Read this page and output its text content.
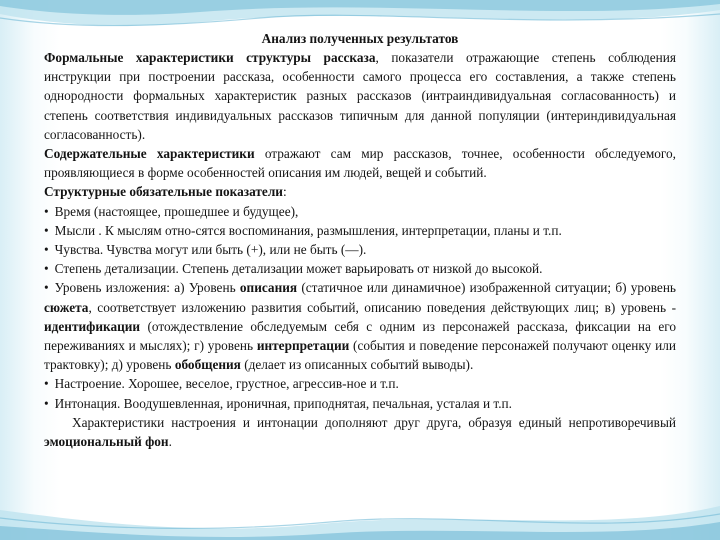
Анализ полученных результатов

Формальные характеристики структуры рассказа, показатели отражающие степень соблюдения инструкции при построении рассказа, особенности самого процесса его составления, а также степень однородности формальных характеристик разных рассказов (интраиндивидуальная согласованность) и степень соответствия индивидуальных рассказов типичным для данной популяции (интериндивидуальная согласованность).

Содержательные характеристики отражают сам мир рассказов, точнее, особенности обследуемого, проявляющиеся в форме особенностей описания им людей, вещей и событий.

Структурные обязательные показатели:

• Время (настоящее, прошедшее и будущее),

• Мысли . К мыслям отно-сятся воспоминания, размышления, интерпретации, планы и т.п.

• Чувства. Чувства могут или быть (+), или не быть (—).

• Степень детализации. Степень детализации может варьировать от низкой до высокой.

• Уровень изложения: а) Уровень описания (статичное или динамичное) изображенной ситуации; б) уровень сюжета, соответствует изложению развития событий, описанию поведения действующих лиц; в) уровень - идентификации (отождествление обследуемым себя с одним из персонажей рассказа, фиксации на его переживаниях и мыслях); г) уровень интерпретации (события и поведение персонажей получают оценку или трактовку); д) уровень обобщения (делает из описанных событий выводы).

• Настроение. Хорошее, веселое, грустное, агрессив-ное и т.п.

• Интонация. Воодушевленная, ироничная, приподнятая, печальная, усталая и т.п.

Характеристики настроения и интонации дополняют друг друга, образуя единый непротиворечивый эмоциональный фон.
